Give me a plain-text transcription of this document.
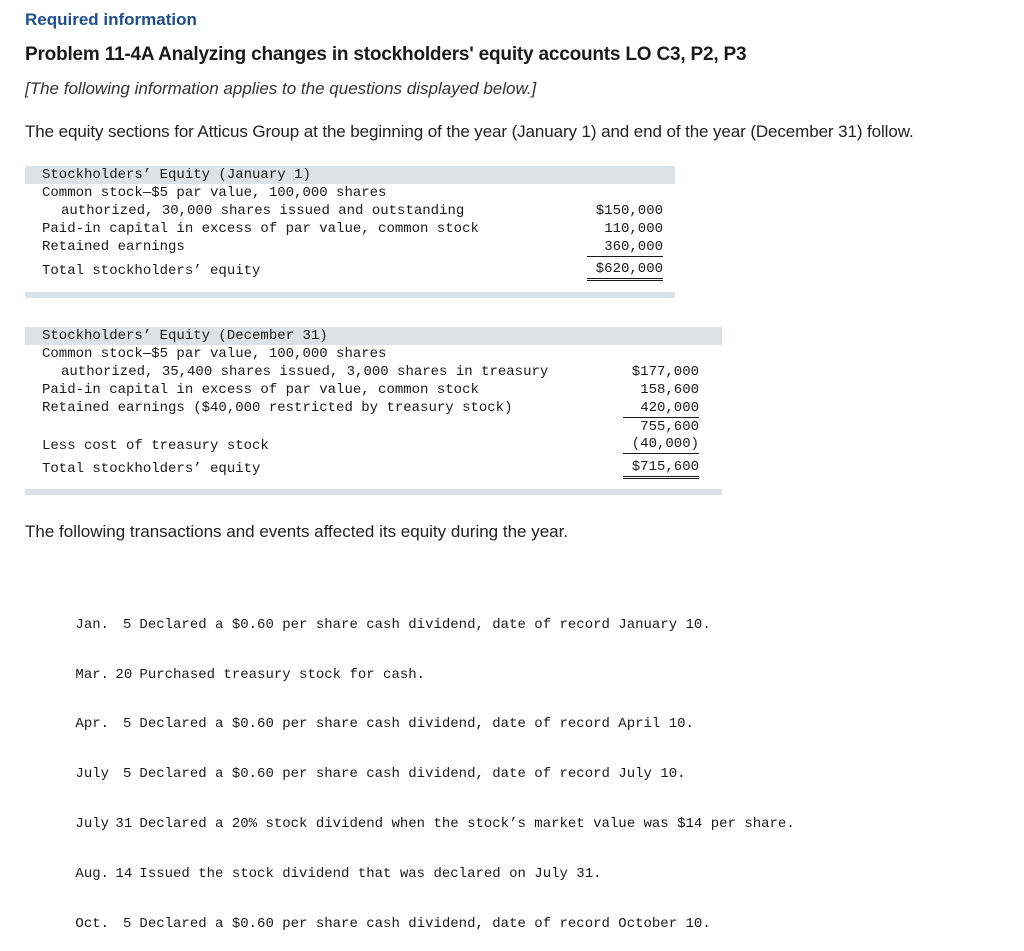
Required information
Problem 11-4A Analyzing changes in stockholders' equity accounts LO C3, P2, P3
[The following information applies to the questions displayed below.]
The equity sections for Atticus Group at the beginning of the year (January 1) and end of the year (December 31) follow.
Stockholders’ Equity (January 1)
Common stock—$5 par value, 100,000 shares
authorized, 30,000 shares issued and outstanding	$150,000
Paid-in capital in excess of par value, common stock	110,000
Retained earnings	360,000
Total stockholders’ equity	$620,000
Stockholders’ Equity (December 31)
Common stock—$5 par value, 100,000 shares
authorized, 35,400 shares issued, 3,000 shares in treasury	$177,000
Paid-in capital in excess of par value, common stock	158,600
Retained earnings ($40,000 restricted by treasury stock)	420,000
755,600
Less cost of treasury stock	(40,000)
Total stockholders’ equity	$715,600
The following transactions and events affected its equity during the year.

Jan. 5 Declared a $0.60 per share cash dividend, date of record January 10.

Mar. 20 Purchased treasury stock for cash.

Apr. 5 Declared a $0.60 per share cash dividend, date of record April 10.

July 5 Declared a $0.60 per share cash dividend, date of record July 10.

July 31 Declared a 20% stock dividend when the stock’s market value was $14 per share.

Aug. 14 Issued the stock dividend that was declared on July 31.

Oct. 5 Declared a $0.60 per share cash dividend, date of record October 10.
